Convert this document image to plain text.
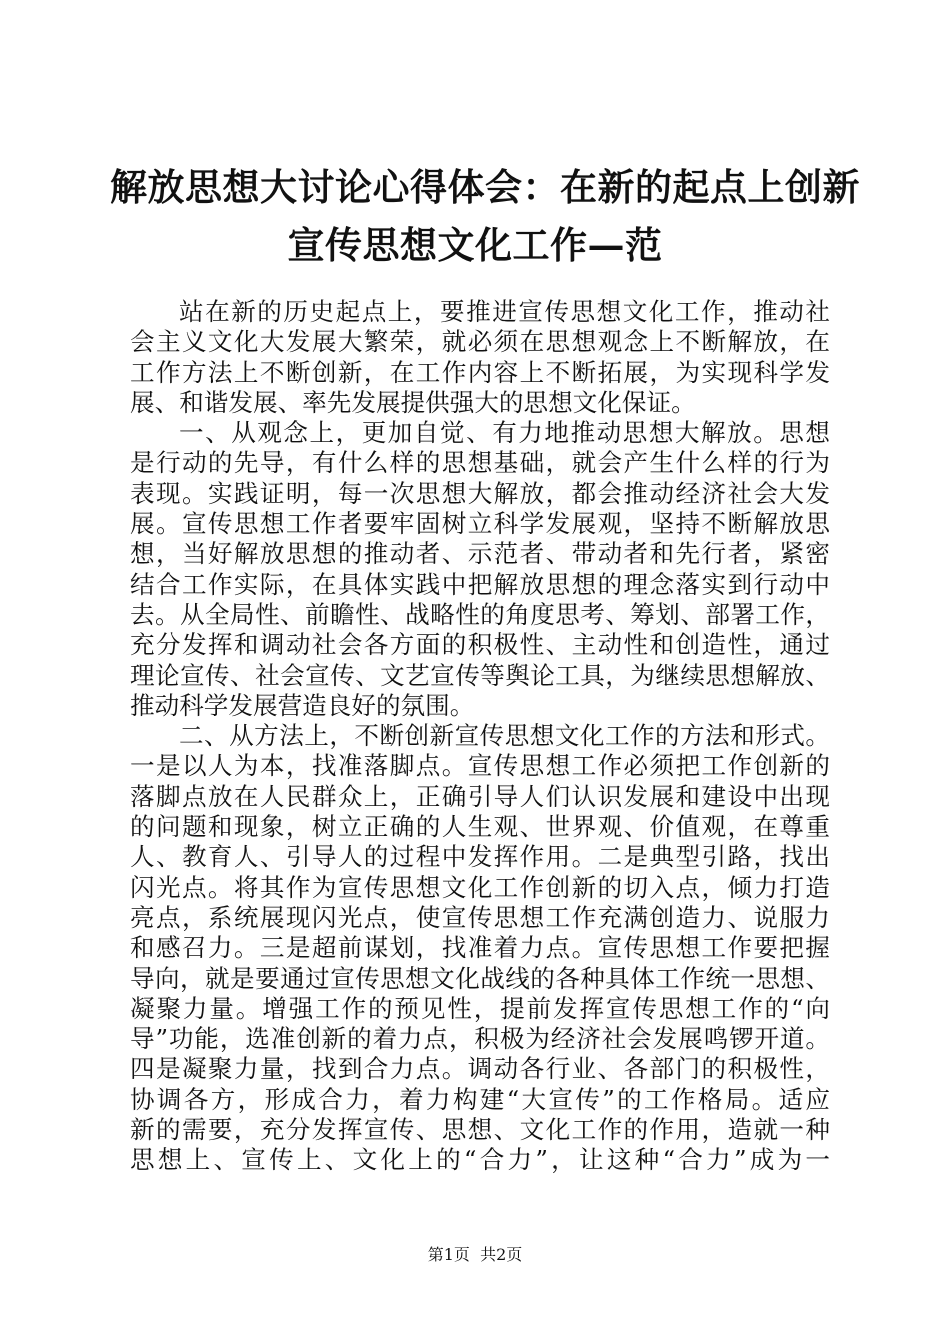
解放思想大讨论心得体会：在新的起点上创新
宣传思想文化工作—范
站在新的历史起点上，要推进宣传思想文化工作，推动社
会主义文化大发展大繁荣，就必须在思想观念上不断解放，在
工作方法上不断创新，在工作内容上不断拓展，为实现科学发
展、和谐发展、率先发展提供强大的思想文化保证。
一、从观念上，更加自觉、有力地推动思想大解放。思想
是行动的先导，有什么样的思想基础，就会产生什么样的行为
表现。实践证明，每一次思想大解放，都会推动经济社会大发
展。宣传思想工作者要牢固树立科学发展观，坚持不断解放思
想，当好解放思想的推动者、示范者、带动者和先行者，紧密
结合工作实际，在具体实践中把解放思想的理念落实到行动中
去。从全局性、前瞻性、战略性的角度思考、筹划、部署工作，
充分发挥和调动社会各方面的积极性、主动性和创造性，通过
理论宣传、社会宣传、文艺宣传等舆论工具，为继续思想解放、
推动科学发展营造良好的氛围。
二、从方法上，不断创新宣传思想文化工作的方法和形式。
一是以人为本，找准落脚点。宣传思想工作必须把工作创新的
落脚点放在人民群众上，正确引导人们认识发展和建设中出现
的问题和现象，树立正确的人生观、世界观、价值观，在尊重
人、教育人、引导人的过程中发挥作用。二是典型引路，找出
闪光点。将其作为宣传思想文化工作创新的切入点，倾力打造
亮点，系统展现闪光点，使宣传思想工作充满创造力、说服力
和感召力。三是超前谋划，找准着力点。宣传思想工作要把握
导向，就是要通过宣传思想文化战线的各种具体工作统一思想、
凝聚力量。增强工作的预见性，提前发挥宣传思想工作的“向
导”功能，选准创新的着力点，积极为经济社会发展鸣锣开道。
四是凝聚力量，找到合力点。调动各行业、各部门的积极性，
协调各方，形成合力，着力构建“大宣传”的工作格局。适应
新的需要，充分发挥宣传、思想、文化工作的作用，造就一种
思想上、宣传上、文化上的“合力”，让这种“合力”成为一
第1页  共2页
